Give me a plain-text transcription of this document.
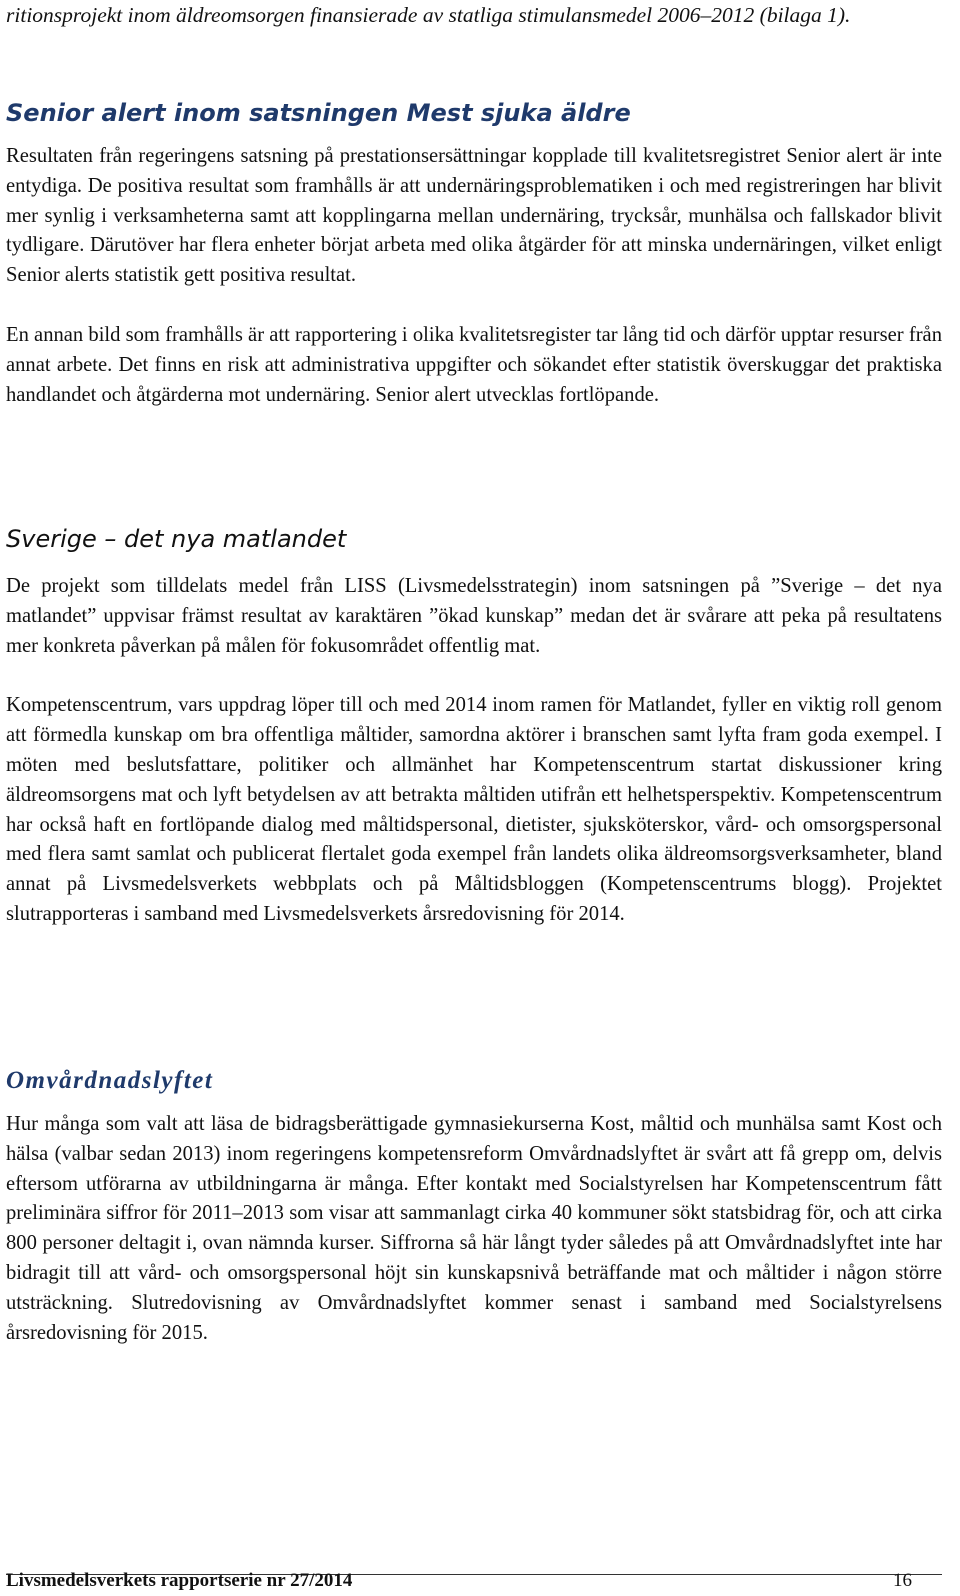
ritionsprojekt inom äldreomsorgen finansierade av statliga stimulansmedel 2006–2012 (bilaga 1).
Senior alert inom satsningen Mest sjuka äldre

Resultaten från regeringens satsning på prestationsersättningar kopplade till kvalitetsregistret Senior alert är inte entydiga. De positiva resultat som framhålls är att undernäringsproblematiken i och med registreringen har blivit mer synlig i verksamheterna samt att kopplingarna mellan undernäring, trycksår, munhälsa och fallskador blivit tydligare. Därutöver har flera enheter börjat arbeta med olika åtgärder för att minska undernäringen, vilket enligt Senior alerts statistik gett positiva resultat.

En annan bild som framhålls är att rapportering i olika kvalitetsregister tar lång tid och därför upptar resurser från annat arbete. Det finns en risk att administrativa uppgifter och sökandet efter statistik överskuggar det praktiska handlandet och åtgärderna mot undernäring. Senior alert utvecklas fortlöpande.

Sverige – det nya matlandet

De projekt som tilldelats medel från LISS (Livsmedelsstrategin) inom satsningen på ”Sverige – det nya matlandet” uppvisar främst resultat av karaktären ”ökad kunskap” medan det är svårare att peka på resultatens mer konkreta påverkan på målen för fokusområdet offentlig mat.

Kompetenscentrum, vars uppdrag löper till och med 2014 inom ramen för Matlandet, fyller en viktig roll genom att förmedla kunskap om bra offentliga måltider, samordna aktörer i branschen samt lyfta fram goda exempel. I möten med beslutsfattare, politiker och allmänhet har Kompetenscentrum startat diskussioner kring äldreomsorgens mat och lyft betydelsen av att betrakta måltiden utifrån ett helhetsperspektiv. Kompetenscentrum har också haft en fortlöpande dialog med måltidspersonal, dietister, sjuksköterskor, vård- och omsorgspersonal med flera samt samlat och publicerat flertalet goda exempel från landets olika äldreomsorgsverksamheter, bland annat på Livsmedelsverkets webbplats och på Måltidsbloggen (Kompetenscentrums blogg). Projektet slutrapporteras i samband med Livsmedelsverkets årsredovisning för 2014.

Omvårdnadslyftet

Hur många som valt att läsa de bidragsberättigade gymnasiekurserna Kost, måltid och munhälsa samt Kost och hälsa (valbar sedan 2013) inom regeringens kompetensreform Omvårdnadslyftet är svårt att få grepp om, delvis eftersom utförarna av utbildningarna är många. Efter kontakt med Socialstyrelsen har Kompetenscentrum fått preliminära siffror för 2011–2013 som visar att sammanlagt cirka 40 kommuner sökt statsbidrag för, och att cirka 800 personer deltagit i, ovan nämnda kurser. Siffrorna så här långt tyder således på att Omvårdnadslyftet inte har bidragit till att vård- och omsorgspersonal höjt sin kunskapsnivå beträffande mat och måltider i någon större utsträckning. Slutredovisning av Omvårdnadslyftet kommer senast i samband med Socialstyrelsens årsredovisning för 2015.

Livsmedelsverkets rapportserie nr 27/2014	16
